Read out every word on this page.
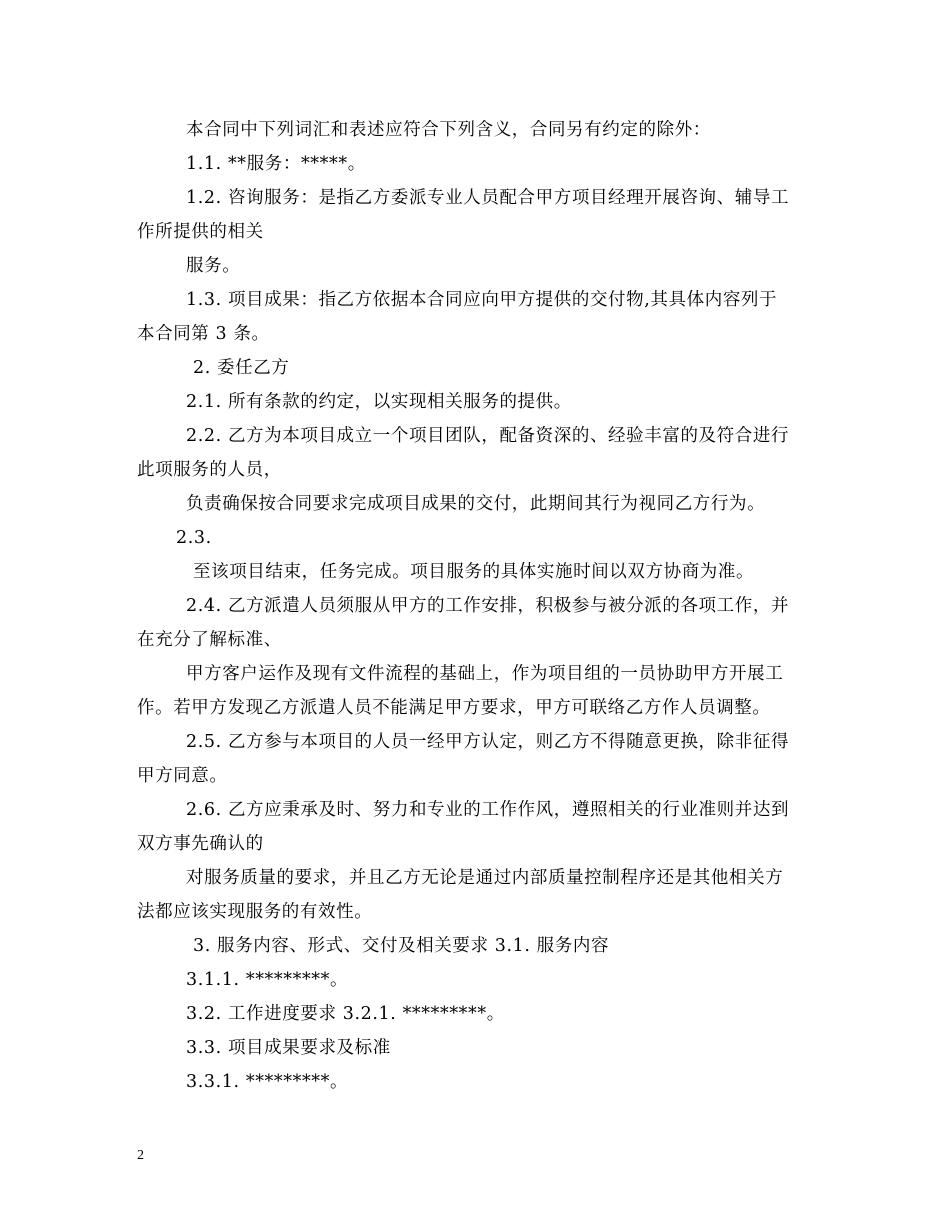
本合同中下列词汇和表述应符合下列含义，合同另有约定的除外：
1.1. **服务：*****。
1.2. 咨询服务：是指乙方委派专业人员配合甲方项目经理开展咨询、辅导工
作所提供的相关
服务。
1.3. 项目成果：指乙方依据本合同应向甲方提供的交付物,其具体内容列于
本合同第 3 条。
2. 委任乙方
2.1. 所有条款的约定，以实现相关服务的提供。
2.2. 乙方为本项目成立一个项目团队，配备资深的、经验丰富的及符合进行
此项服务的人员，
负责确保按合同要求完成项目成果的交付，此期间其行为视同乙方行为。
2.3.
至该项目结束，任务完成。项目服务的具体实施时间以双方协商为准。
2.4. 乙方派遣人员须服从甲方的工作安排，积极参与被分派的各项工作，并
在充分了解标准、
甲方客户运作及现有文件流程的基础上，作为项目组的一员协助甲方开展工
作。若甲方发现乙方派遣人员不能满足甲方要求，甲方可联络乙方作人员调整。
2.5. 乙方参与本项目的人员一经甲方认定，则乙方不得随意更换，除非征得
甲方同意。
2.6. 乙方应秉承及时、努力和专业的工作作风，遵照相关的行业准则并达到
双方事先确认的
对服务质量的要求，并且乙方无论是通过内部质量控制程序还是其他相关方
法都应该实现服务的有效性。
3. 服务内容、形式、交付及相关要求 3.1. 服务内容
3.1.1. *********。
3.2. 工作进度要求 3.2.1. *********。
3.3. 项目成果要求及标准
3.3.1. *********。
2
